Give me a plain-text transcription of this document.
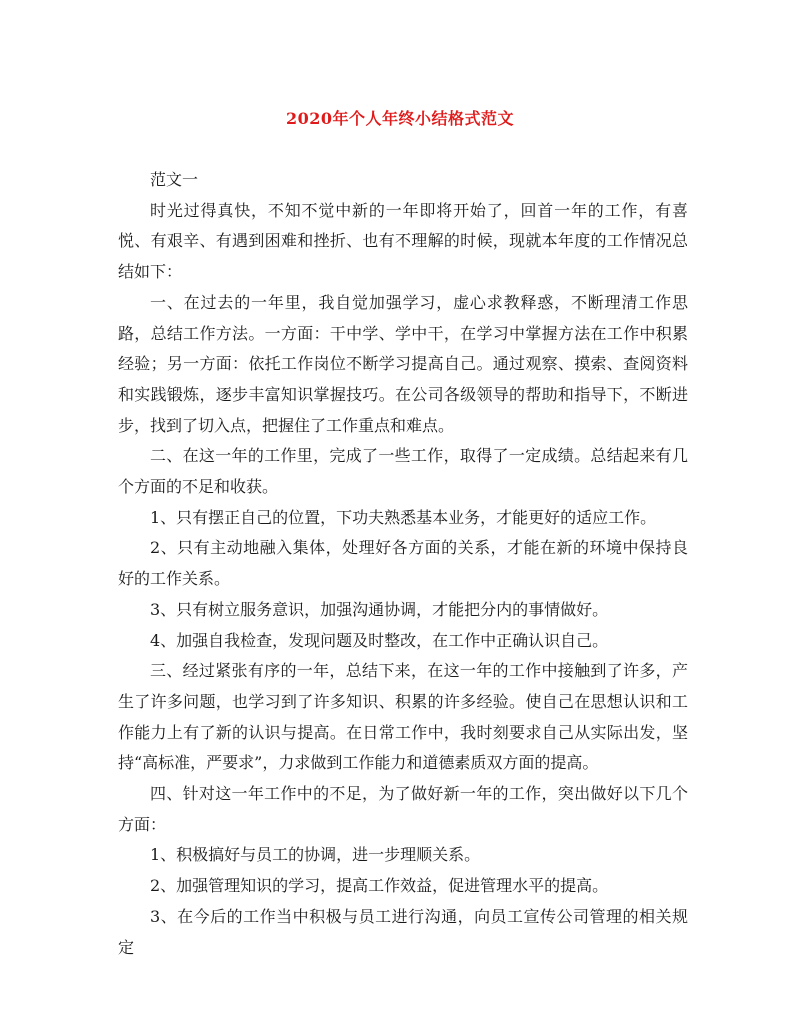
2020年个人年终小结格式范文

范文一

时光过得真快，不知不觉中新的一年即将开始了，回首一年的工作，有喜悦、有艰辛、有遇到困难和挫折、也有不理解的时候，现就本年度的工作情况总结如下：

一、在过去的一年里，我自觉加强学习，虚心求教释惑，不断理清工作思路，总结工作方法。一方面：干中学、学中干，在学习中掌握方法在工作中积累经验；另一方面：依托工作岗位不断学习提高自己。通过观察、摸索、查阅资料和实践锻炼，逐步丰富知识掌握技巧。在公司各级领导的帮助和指导下，不断进步，找到了切入点，把握住了工作重点和难点。

二、在这一年的工作里，完成了一些工作，取得了一定成绩。总结起来有几个方面的不足和收获。

1、只有摆正自己的位置，下功夫熟悉基本业务，才能更好的适应工作。

2、只有主动地融入集体，处理好各方面的关系，才能在新的环境中保持良好的工作关系。

3、只有树立服务意识，加强沟通协调，才能把分内的事情做好。

4、加强自我检查，发现问题及时整改，在工作中正确认识自己。

三、经过紧张有序的一年，总结下来，在这一年的工作中接触到了许多，产生了许多问题，也学习到了许多知识、积累的许多经验。使自己在思想认识和工作能力上有了新的认识与提高。在日常工作中，我时刻要求自己从实际出发，坚持“高标准，严要求”，力求做到工作能力和道德素质双方面的提高。

四、针对这一年工作中的不足，为了做好新一年的工作，突出做好以下几个方面：

1、积极搞好与员工的协调，进一步理顺关系。

2、加强管理知识的学习，提高工作效益，促进管理水平的提高。

3、在今后的工作当中积极与员工进行沟通，向员工宣传公司管理的相关规定
